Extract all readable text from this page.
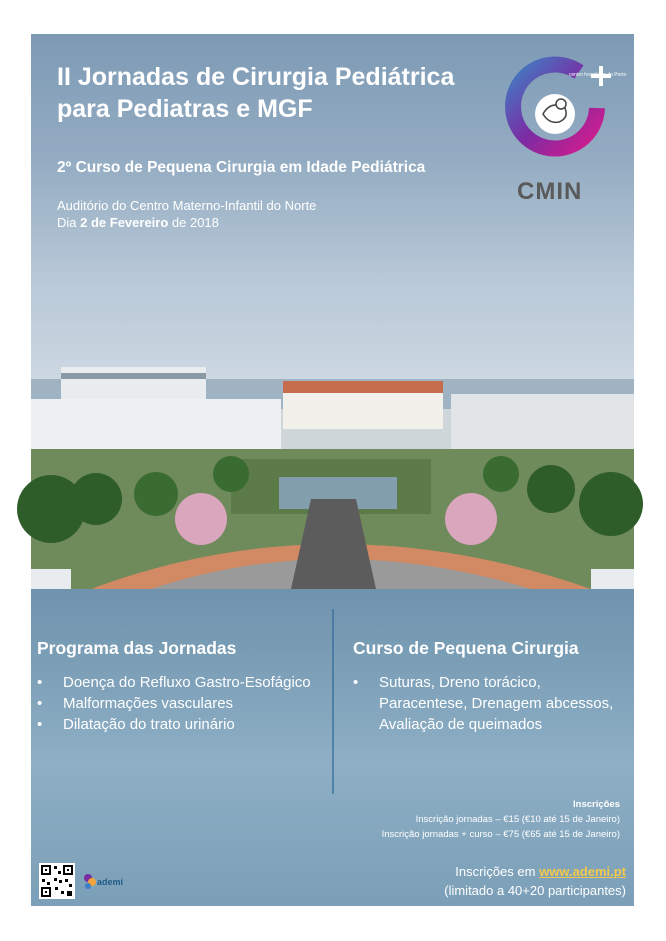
II Jornadas de Cirurgia Pediátrica
para Pediatras e MGF
2º Curso de Pequena Cirurgia em Idade Pediátrica
Auditório do Centro Materno-Infantil do Norte
Dia 2 de Fevereiro de 2018
centro hospitalar do Porto
CMIN
Programa das Jornadas
• Doença do Refluxo Gastro-Esofágico
• Malformações vasculares
• Dilatação do trato urinário
Curso de Pequena Cirurgia
• Suturas, Dreno torácico, Paracentese, Drenagem abcessos, Avaliação de queimados
Inscrições
Inscrição jornadas – €15 (€10 até 15 de Janeiro)
Inscrição jornadas + curso – €75 (€65 até 15 de Janeiro)
ademi
Inscrições em www.ademi.pt
(limitado a 40+20 participantes)
